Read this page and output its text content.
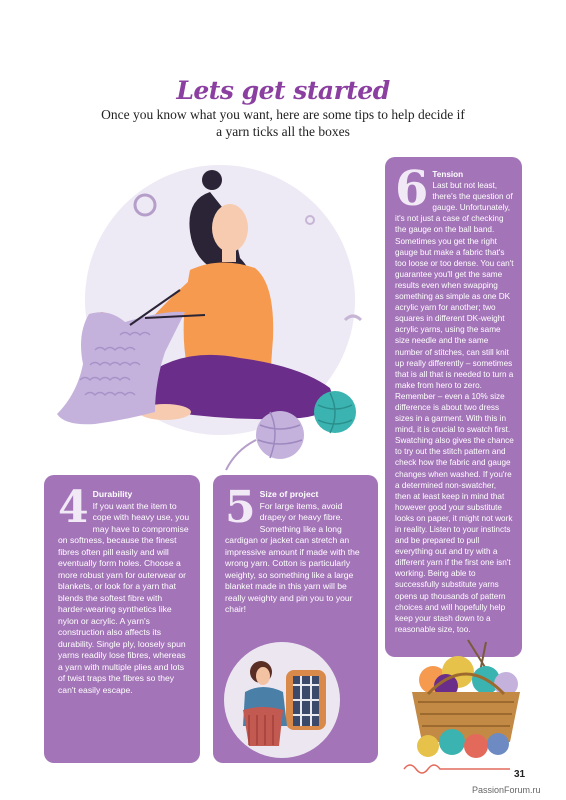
Lets get started
Once you know what you want, here are some tips to help decide if a yarn ticks all the boxes
4 Durability
If you want the item to cope with heavy use, you may have to compromise on softness, because the finest fibres often pill easily and will eventually form holes. Choose a more robust yarn for outerwear or blankets, or look for a yarn that blends the softest fibre with harder-wearing synthetics like nylon or acrylic. A yarn's construction also affects its durability. Single ply, loosely spun yarns readily lose fibres, whereas a yarn with multiple plies and lots of twist traps the fibres so they can't easily escape.
5 Size of project
For large items, avoid drapey or heavy fibre. Something like a long cardigan or jacket can stretch an impressive amount if made with the wrong yarn. Cotton is particularly weighty, so something like a large blanket made in this yarn will be really weighty and pin you to your chair!
6 Tension
Last but not least, there's the question of gauge. Unfortunately, it's not just a case of checking the gauge on the ball band. Sometimes you get the right gauge but make a fabric that's too loose or too dense. You can't guarantee you'll get the same results even when swapping something as simple as one DK acrylic yarn for another; two squares in different DK-weight acrylic yarns, using the same size needle and the same number of stitches, can still knit up really differently – sometimes that is all that is needed to turn a make from hero to zero. Remember – even a 10% size difference is about two dress sizes in a garment. With this in mind, it is crucial to swatch first. Swatching also gives the chance to try out the stitch pattern and check how the fabric and gauge changes when washed. If you're a determined non-swatcher, then at least keep in mind that however good your substitute looks on paper, it might not work in reality. Listen to your instincts and be prepared to pull everything out and try with a different yarn if the first one isn't working. Being able to successfully substitute yarns opens up thousands of pattern choices and will hopefully help keep your stash down to a reasonable size, too.
31
PassionForum.ru
